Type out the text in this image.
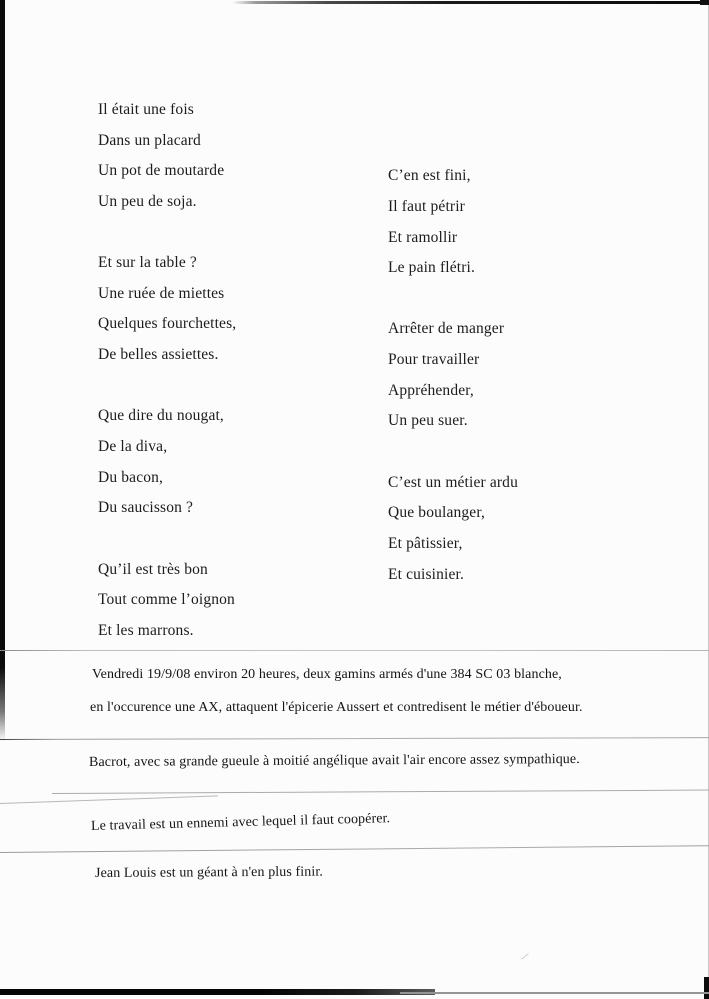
Il était une fois
Dans un placard
Un pot de moutarde	C’en est fini,
Un peu de soja.	Il faut pétrir
Et ramollir
Et sur la table ?	Le pain flétri.
Une ruée de miettes
Quelques fourchettes,	Arrêter de manger
De belles assiettes.	Pour travailler
Appréhender,
Que dire du nougat,	Un peu suer.
De la diva,
Du bacon,	C’est un métier ardu
Du saucisson ?	Que boulanger,
Et pâtissier,
Qu’il est très bon	Et cuisinier.
Tout comme l’oignon
Et les marrons.
Vendredi 19/9/08 environ 20 heures, deux gamins armés d'une 384 SC 03 blanche,
en l'occurence une AX, attaquent l'épicerie Aussert et contredisent le métier d'éboueur.
Bacrot, avec sa grande gueule à moitié angélique avait l'air encore assez sympathique.
Le travail est un ennemi avec lequel il faut coopérer.
Jean Louis est un géant à n'en plus finir.
⁄
